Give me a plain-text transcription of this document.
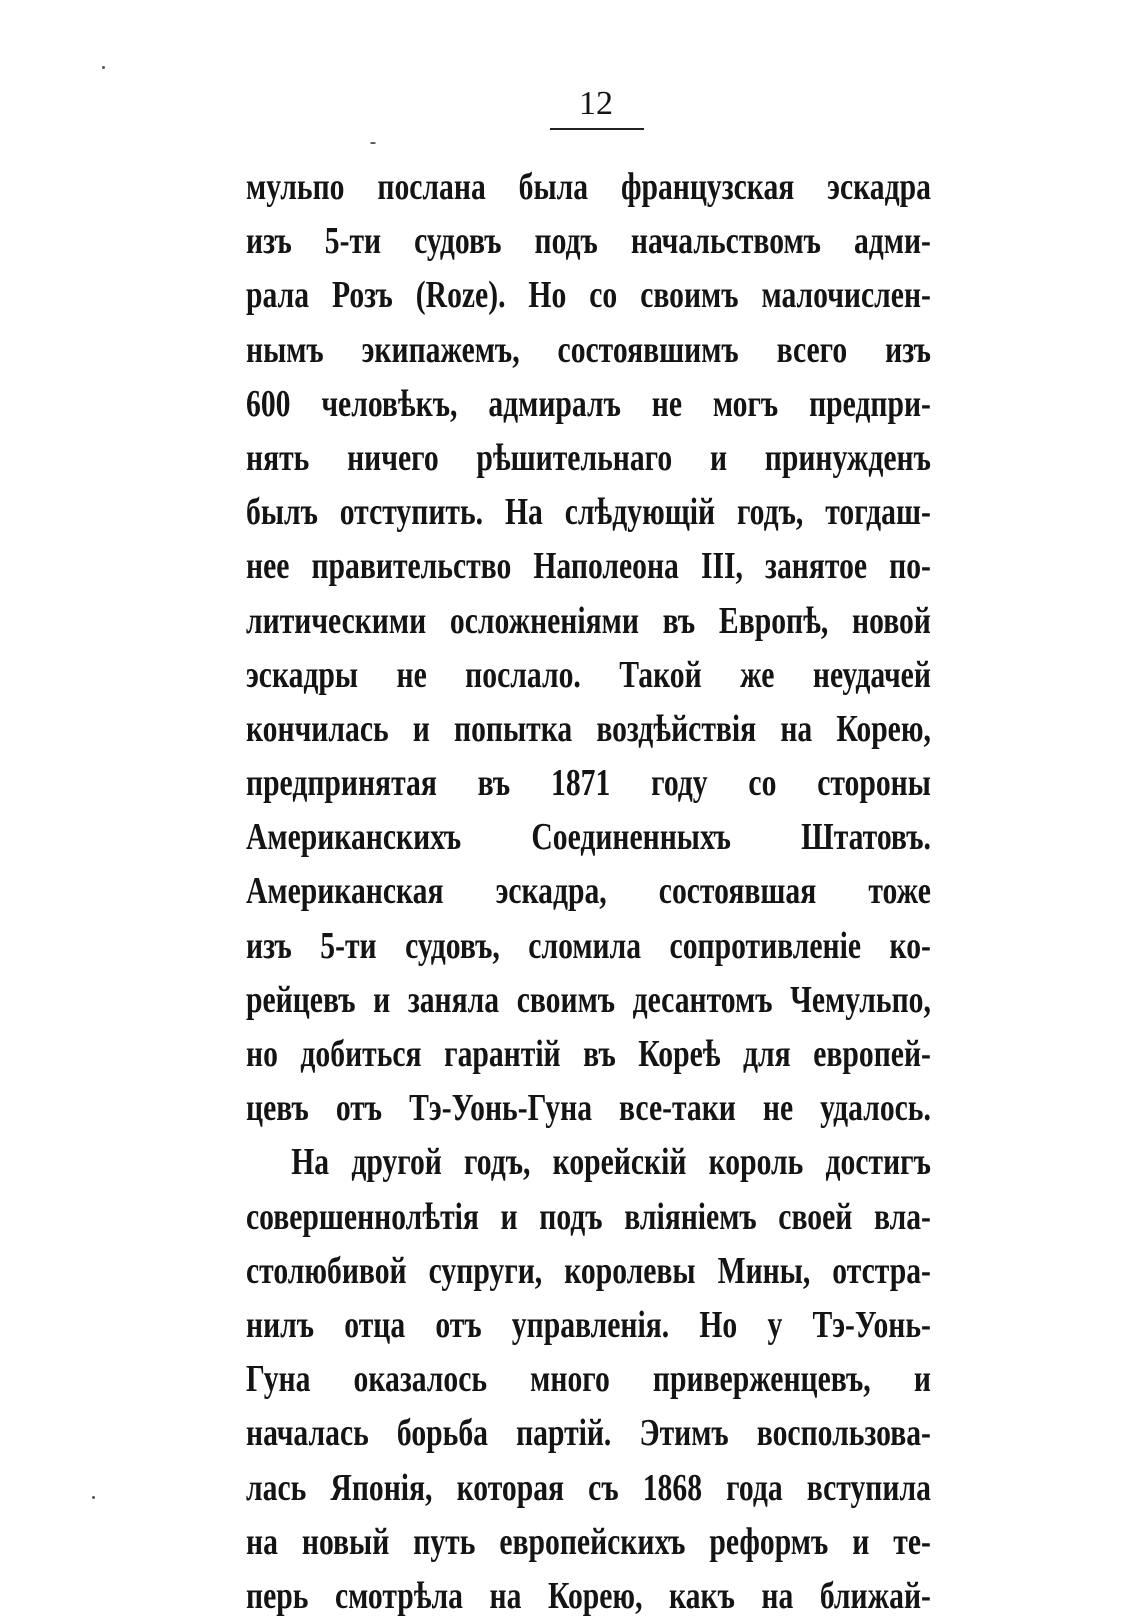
12
мульпо послана была французская эскадра
изъ 5-ти судовъ подъ начальствомъ адми-
рала Розъ (Roze). Но со своимъ малочислен-
нымъ экипажемъ, состоявшимъ всего изъ
600 человѣкъ, адмиралъ не могъ предпри-
нять ничего рѣшительнаго и принужденъ
былъ отступить. На слѣдующій годъ, тогдаш-
нее правительство Наполеона III, занятое по-
литическими осложненіями въ Европѣ, новой
эскадры не послало. Такой же неудачей
кончилась и попытка воздѣйствія на Корею,
предпринятая въ 1871 году со стороны
Американскихъ Соединенныхъ Штатовъ.
Американская эскадра, состоявшая тоже
изъ 5-ти судовъ, сломила сопротивленіе ко-
рейцевъ и заняла своимъ десантомъ Чемульпо,
но добиться гарантій въ Кореѣ для европей-
цевъ отъ Тэ-Уонь-Гуна все-таки не удалось.
На другой годъ, корейскій король достигъ
совершеннолѣтія и подъ вліяніемъ своей вла-
столюбивой супруги, королевы Мины, отстра-
нилъ отца отъ управленія. Но у Тэ-Уонь-
Гуна оказалось много приверженцевъ, и
началась борьба партій. Этимъ воспользова-
лась Японія, которая съ 1868 года вступила
на новый путь европейскихъ реформъ и те-
перь смотрѣла на Корею, какъ на ближай-
